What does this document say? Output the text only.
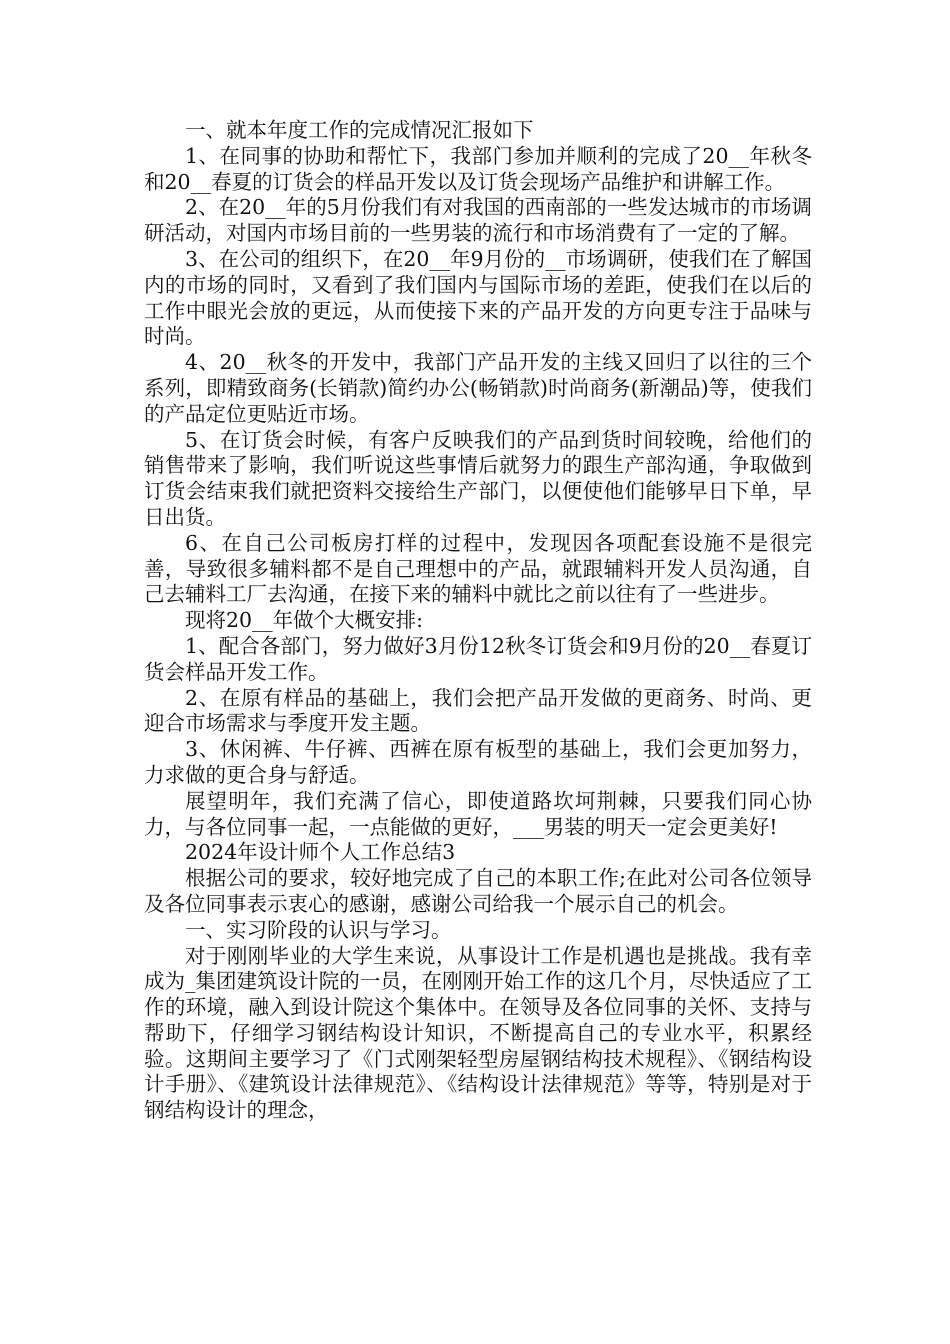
一、就本年度工作的完成情况汇报如下

1、在同事的协助和帮忙下，我部门参加并顺利的完成了20__年秋冬和20__春夏的订货会的样品开发以及订货会现场产品维护和讲解工作。

2、在20__年的5月份我们有对我国的西南部的一些发达城市的市场调研活动，对国内市场目前的一些男装的流行和市场消费有了一定的了解。

3、在公司的组织下，在20__年9月份的__市场调研，使我们在了解国内的市场的同时，又看到了我们国内与国际市场的差距，使我们在以后的工作中眼光会放的更远，从而使接下来的产品开发的方向更专注于品味与时尚。

4、20__秋冬的开发中，我部门产品开发的主线又回归了以往的三个系列，即精致商务(长销款)简约办公(畅销款)时尚商务(新潮品)等，使我们的产品定位更贴近市场。

5、在订货会时候，有客户反映我们的产品到货时间较晚，给他们的销售带来了影响，我们听说这些事情后就努力的跟生产部沟通，争取做到订货会结束我们就把资料交接给生产部门，以便使他们能够早日下单，早日出货。

6、在自己公司板房打样的过程中，发现因各项配套设施不是很完善，导致很多辅料都不是自己理想中的产品，就跟辅料开发人员沟通，自己去辅料工厂去沟通，在接下来的辅料中就比之前以往有了一些进步。

现将20__年做个大概安排:

1、配合各部门，努力做好3月份12秋冬订货会和9月份的20__春夏订货会样品开发工作。

2、在原有样品的基础上，我们会把产品开发做的更商务、时尚、更迎合市场需求与季度开发主题。

3、休闲裤、牛仔裤、西裤在原有板型的基础上，我们会更加努力，力求做的更合身与舒适。

展望明年，我们充满了信心，即使道路坎坷荆棘，只要我们同心协力，与各位同事一起，一点能做的更好，___男装的明天一定会更美好!

2024年设计师个人工作总结3

根据公司的要求，较好地完成了自己的本职工作;在此对公司各位领导及各位同事表示衷心的感谢，感谢公司给我一个展示自己的机会。

一、实习阶段的认识与学习。

对于刚刚毕业的大学生来说，从事设计工作是机遇也是挑战。我有幸成为_集团建筑设计院的一员，在刚刚开始工作的这几个月，尽快适应了工作的环境，融入到设计院这个集体中。在领导及各位同事的关怀、支持与帮助下，仔细学习钢结构设计知识，不断提高自己的专业水平，积累经验。这期间主要学习了《门式刚架轻型房屋钢结构技术规程》、《钢结构设计手册》、《建筑设计法律规范》、《结构设计法律规范》等等，特别是对于钢结构设计的理念，
